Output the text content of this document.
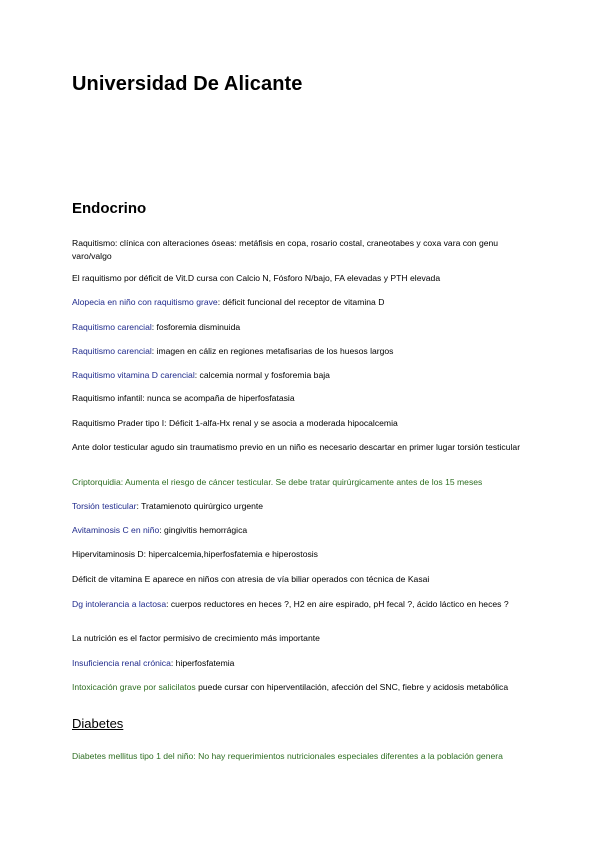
Universidad De Alicante
Endocrino

Raquitismo: clínica con alteraciones óseas: metáfisis en copa, rosario costal, craneotabes y coxa vara con genu varo/valgo

El raquitismo por déficit de Vit.D cursa con Calcio N, Fósforo N/bajo, FA elevadas y PTH elevada

Alopecia en niño con raquitismo grave: déficit funcional del receptor de vitamina D

Raquitismo carencial: fosforemia disminuida

Raquitismo carencial: imagen en cáliz en regiones metafisarias de los huesos largos

Raquitismo vitamina D carencial: calcemia normal y fosforemia baja

Raquitismo infantil: nunca se acompaña de hiperfosfatasia

Raquitismo Prader tipo I: Déficit 1-alfa-Hx renal y se asocia a moderada hipocalcemia

Ante dolor testicular agudo sin traumatismo previo en un niño es necesario descartar en primer lugar torsión testicular

Criptorquidia: Aumenta el riesgo de cáncer testicular. Se debe tratar quirúrgicamente antes de los 15 meses

Torsión testicular: Tratamienoto quirúrgico urgente

Avitaminosis C en niño: gingivitis hemorrágica

Hipervitaminosis D: hipercalcemia,hiperfosfatemia e hiperostosis

Déficit de vitamina E aparece en niños con atresia de vía biliar operados con técnica de Kasai

Dg intolerancia a lactosa: cuerpos reductores en heces ?, H2 en aire espirado, pH fecal ?, ácido láctico en heces ?

La nutrición es el factor permisivo de crecimiento más importante

Insuficiencia renal crónica: hiperfosfatemia

Intoxicación grave por salicilatos puede cursar con hiperventilación, afección del SNC, fiebre y acidosis metabólica

Diabetes

Diabetes mellitus tipo 1 del niño: No hay requerimientos nutricionales especiales diferentes a la población genera
